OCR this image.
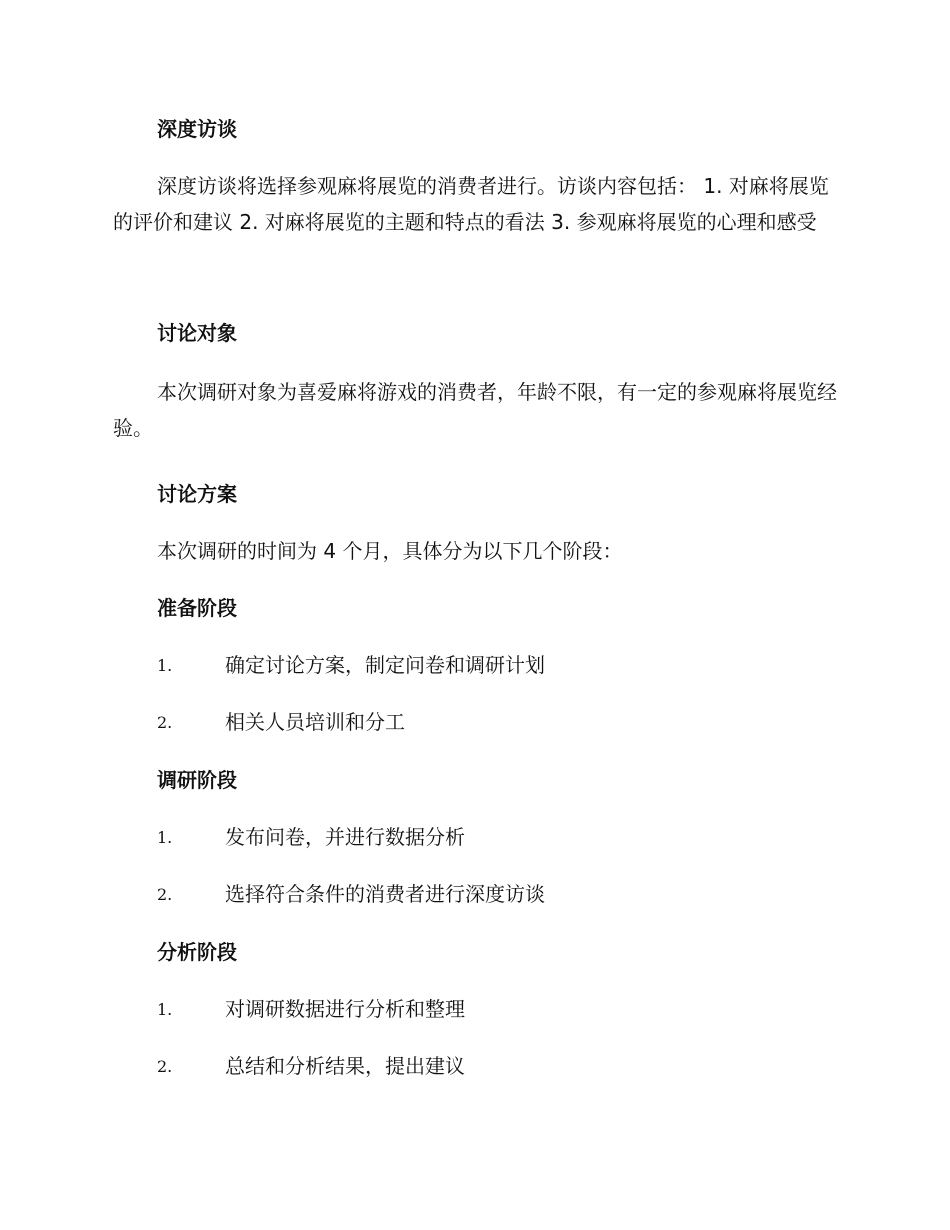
深度访谈

深度访谈将选择参观麻将展览的消费者进行。访谈内容包括： 1. 对麻将展览的评价和建议 2. 对麻将展览的主题和特点的看法 3. 参观麻将展览的心理和感受

讨论对象

本次调研对象为喜爱麻将游戏的消费者，年龄不限，有一定的参观麻将展览经验。

讨论方案

本次调研的时间为 4 个月，具体分为以下几个阶段：

准备阶段
1.	确定讨论方案，制定问卷和调研计划
2.	相关人员培训和分工
调研阶段
1.	发布问卷，并进行数据分析
2.	选择符合条件的消费者进行深度访谈
分析阶段
1.	对调研数据进行分析和整理
2.	总结和分析结果，提出建议
